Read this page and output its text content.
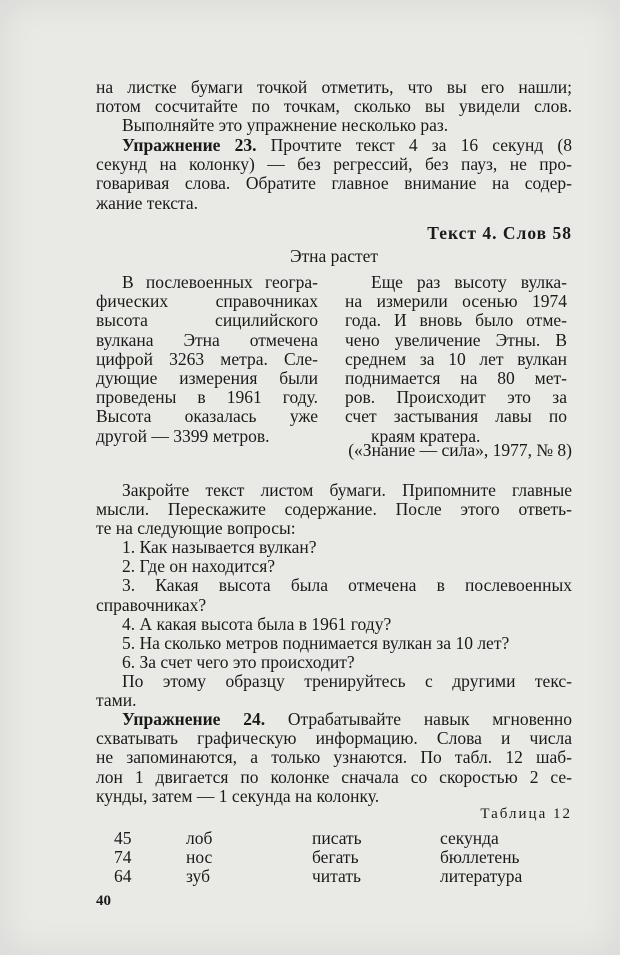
на листке бумаги точкой отметить, что вы его нашли;
потом сосчитайте по точкам, сколько вы увидели слов.
Выполняйте это упражнение несколько раз.
Упражнение 23. Прочтите текст 4 за 16 секунд (8
секунд на колонку) — без регрессий, без пауз, не про-
говаривая слова. Обратите главное внимание на содер-
жание текста.
Текст 4. Слов 58
Этна растет
В послевоенных геогра-
фических справочниках
высота сицилийского
вулкана Этна отмечена
цифрой 3263 метра. Сле-
дующие измерения были
проведены в 1961 году.
Высота оказалась уже
другой — 3399 метров.
Еще раз высоту вулка-
на измерили осенью 1974
года. И вновь было отме-
чено увеличение Этны. В
среднем за 10 лет вулкан
поднимается на 80 мет-
ров. Происходит это за
счет застывания лавы по
краям кратера.
(«Знание — сила», 1977, № 8)
Закройте текст листом бумаги. Припомните главные
мысли. Перескажите содержание. После этого ответь-
те на следующие вопросы:
1. Как называется вулкан?
2. Где он находится?
3. Какая высота была отмечена в послевоенных
справочниках?
4. А какая высота была в 1961 году?
5. На сколько метров поднимается вулкан за 10 лет?
6. За счет чего это происходит?
По этому образцу тренируйтесь с другими текс-
тами.
Упражнение 24. Отрабатывайте навык мгновенно
схватывать графическую информацию. Слова и числа
не запоминаются, а только узнаются. По табл. 12 шаб-
лон 1 двигается по колонке сначала со скоростью 2 се-
кунды, затем — 1 секунда на колонку.
Таблица 12
45	лоб	писать	секунда
74	нос	бегать	бюллетень
64	зуб	читать	литература
40
